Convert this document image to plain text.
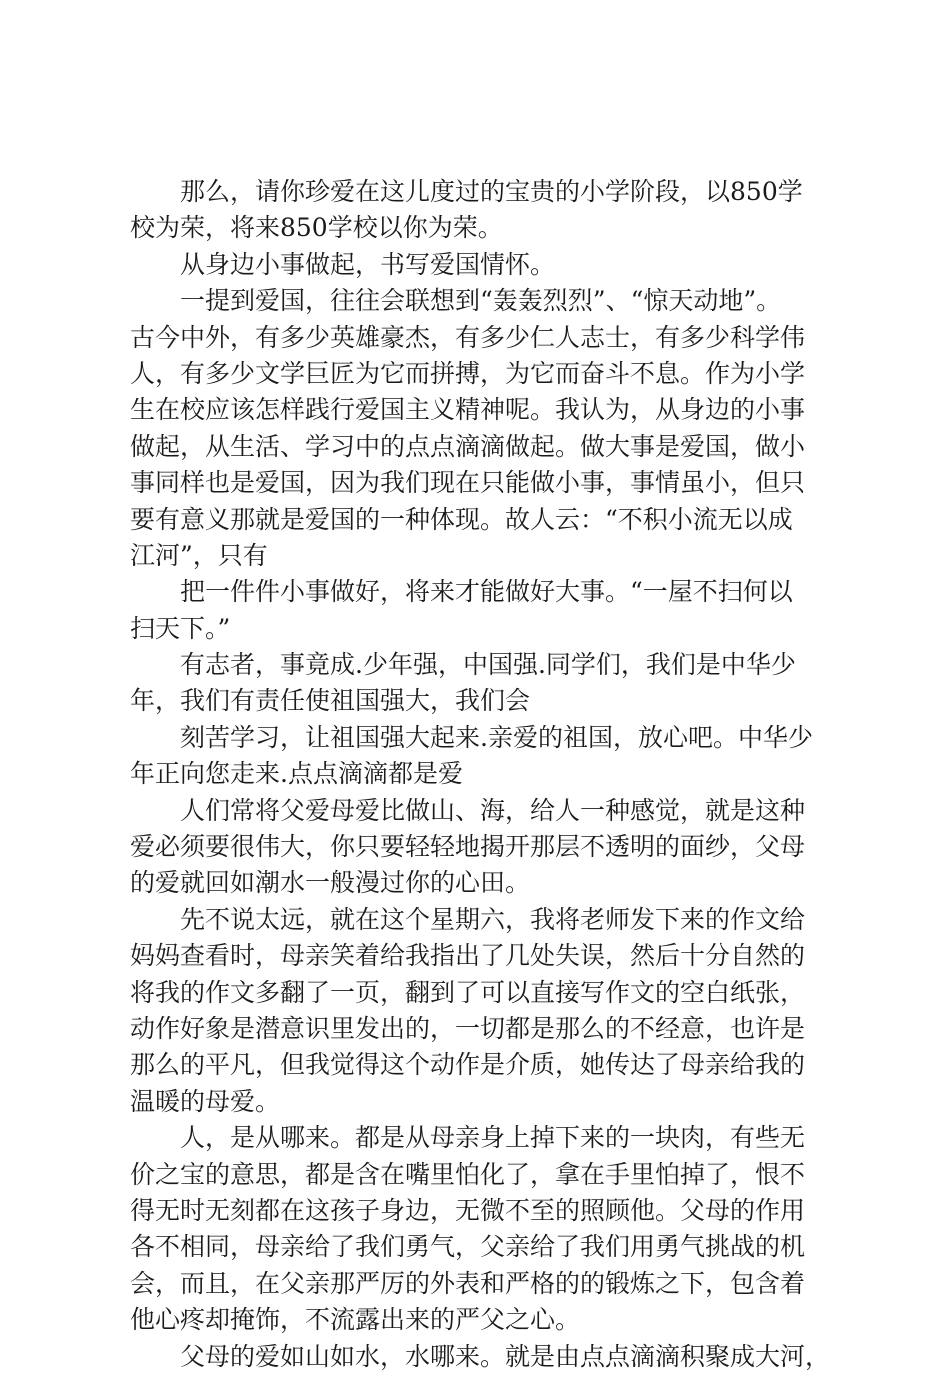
那么，请你珍爱在这儿度过的宝贵的小学阶段，以850学
校为荣，将来850学校以你为荣。
从身边小事做起，书写爱国情怀。
一提到爱国，往往会联想到“轰轰烈烈”、“惊天动地”。
古今中外，有多少英雄豪杰，有多少仁人志士，有多少科学伟
人，有多少文学巨匠为它而拼搏，为它而奋斗不息。作为小学
生在校应该怎样践行爱国主义精神呢。我认为，从身边的小事
做起，从生活、学习中的点点滴滴做起。做大事是爱国，做小
事同样也是爱国，因为我们现在只能做小事，事情虽小，但只
要有意义那就是爱国的一种体现。故人云：“不积小流无以成
江河”，只有
把一件件小事做好，将来才能做好大事。“一屋不扫何以
扫天下。”
有志者，事竟成.少年强，中国强.同学们，我们是中华少
年，我们有责任使祖国强大，我们会
刻苦学习，让祖国强大起来.亲爱的祖国，放心吧。中华少
年正向您走来.点点滴滴都是爱
人们常将父爱母爱比做山、海，给人一种感觉，就是这种
爱必须要很伟大，你只要轻轻地揭开那层不透明的面纱，父母
的爱就回如潮水一般漫过你的心田。
先不说太远，就在这个星期六，我将老师发下来的作文给
妈妈查看时，母亲笑着给我指出了几处失误，然后十分自然的
将我的作文多翻了一页，翻到了可以直接写作文的空白纸张，
动作好象是潜意识里发出的，一切都是那么的不经意，也许是
那么的平凡，但我觉得这个动作是介质，她传达了母亲给我的
温暖的母爱。
人，是从哪来。都是从母亲身上掉下来的一块肉，有些无
价之宝的意思，都是含在嘴里怕化了，拿在手里怕掉了，恨不
得无时无刻都在这孩子身边，无微不至的照顾他。父母的作用
各不相同，母亲给了我们勇气，父亲给了我们用勇气挑战的机
会，而且，在父亲那严厉的外表和严格的的锻炼之下，包含着
他心疼却掩饰，不流露出来的严父之心。
父母的爱如山如水，水哪来。就是由点点滴滴积聚成大河，
